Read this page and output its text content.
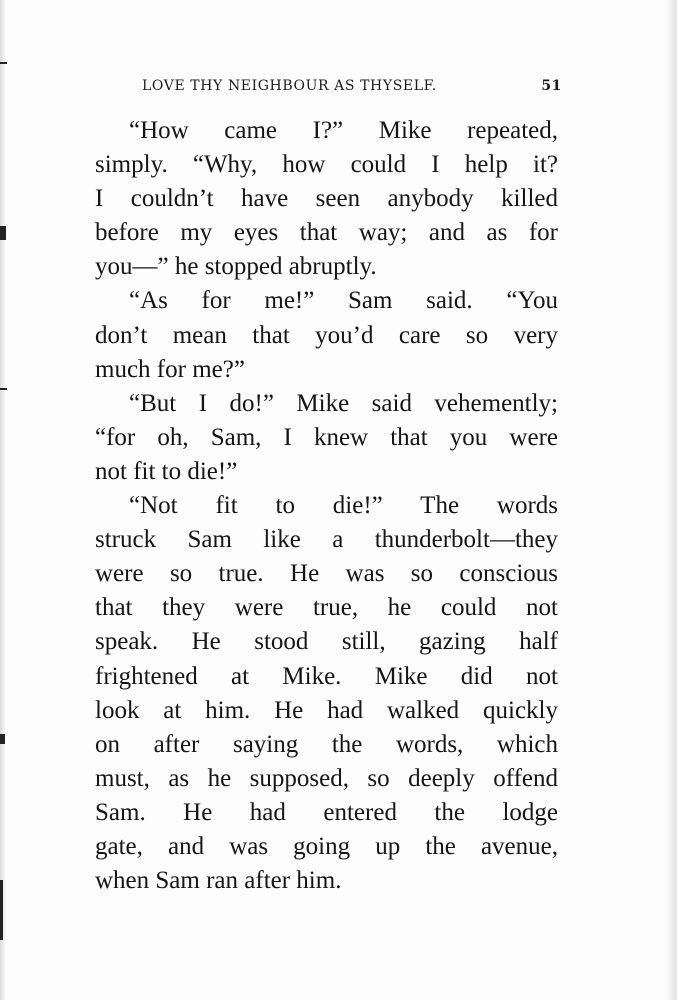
LOVE THY NEIGHBOUR AS THYSELF.	51
“How came I?” Mike repeated,
simply. “Why, how could I help it?
I couldn’t have seen anybody killed
before my eyes that way; and as for
you—” he stopped abruptly.
“As for me!” Sam said. “You
don’t mean that you’d care so very
much for me?”
“But I do!” Mike said vehemently;
“for oh, Sam, I knew that you were
not fit to die!”
“Not fit to die!” The words
struck Sam like a thunderbolt—they
were so true. He was so conscious
that they were true, he could not
speak. He stood still, gazing half
frightened at Mike. Mike did not
look at him. He had walked quickly
on after saying the words, which
must, as he supposed, so deeply offend
Sam. He had entered the lodge
gate, and was going up the avenue,
when Sam ran after him.
